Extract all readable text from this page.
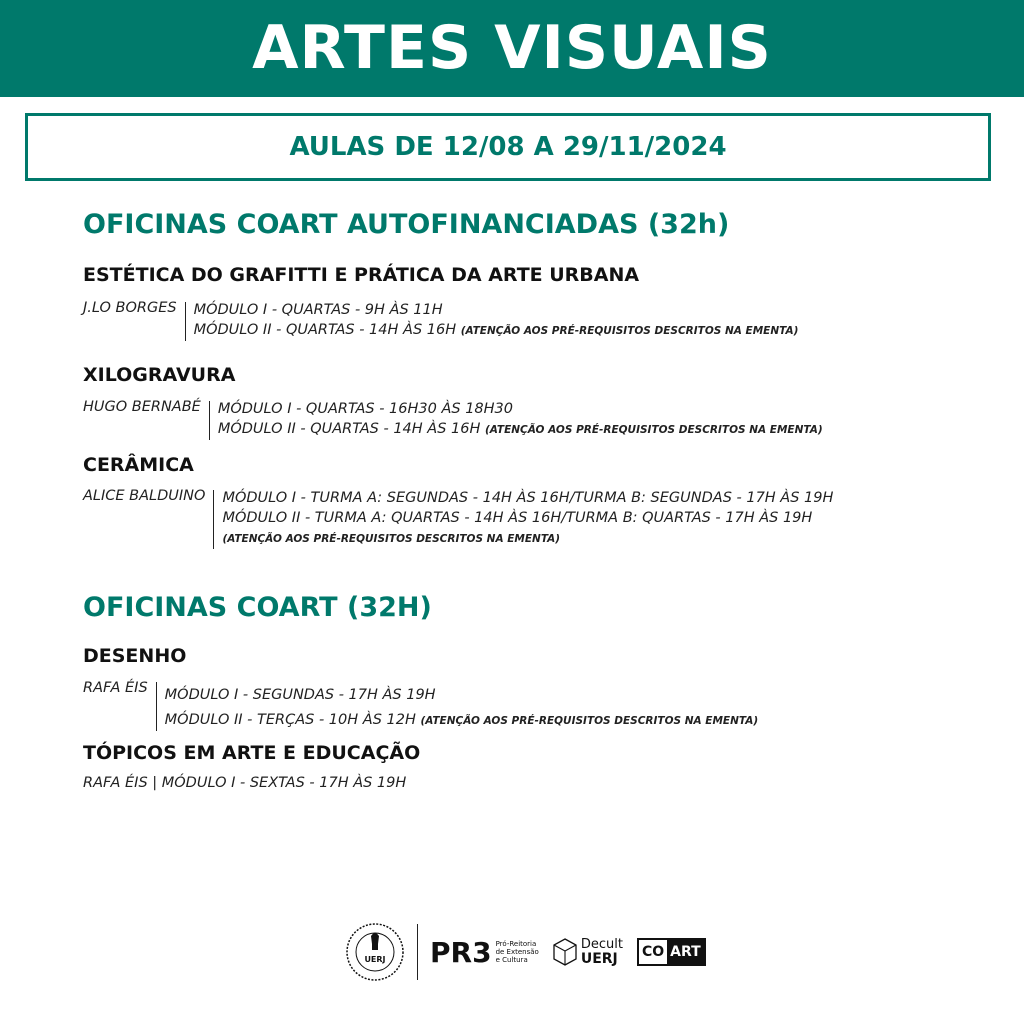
ARTES VISUAIS
AULAS DE 12/08 A 29/11/2024
OFICINAS COART AUTOFINANCIADAS (32h)
ESTÉTICA DO GRAFITTI E PRÁTICA DA ARTE URBANA
J.LO BORGES MÓDULO I - QUARTAS - 9H ÀS 11H
MÓDULO II - QUARTAS - 14H ÀS 16H (ATENÇÃO AOS PRÉ-REQUISITOS DESCRITOS NA EMENTA)
XILOGRAVURA
HUGO BERNABÉ MÓDULO I - QUARTAS - 16H30 ÀS 18H30
MÓDULO II - QUARTAS - 14H ÀS 16H (ATENÇÃO AOS PRÉ-REQUISITOS DESCRITOS NA EMENTA)
CERÂMICA
ALICE BALDUINO MÓDULO I - TURMA A: SEGUNDAS - 14H ÀS 16H/TURMA B: SEGUNDAS - 17H ÀS 19H
MÓDULO II - TURMA A: QUARTAS - 14H ÀS 16H/TURMA B: QUARTAS - 17H ÀS 19H
(ATENÇÃO AOS PRÉ-REQUISITOS DESCRITOS NA EMENTA)
OFICINAS COART (32H)
DESENHO
RAFA ÉIS MÓDULO I - SEGUNDAS - 17H ÀS 19H
MÓDULO II - TERÇAS - 10H ÀS 12H (ATENÇÃO AOS PRÉ-REQUISITOS DESCRITOS NA EMENTA)
TÓPICOS EM ARTE E EDUCAÇÃO
RAFA ÉIS | MÓDULO I - SEXTAS - 17H ÀS 19H
UERJ PR3 Pró-Reitoria
de Extensão
e Cultura
Decult
UERJ	CO ART
